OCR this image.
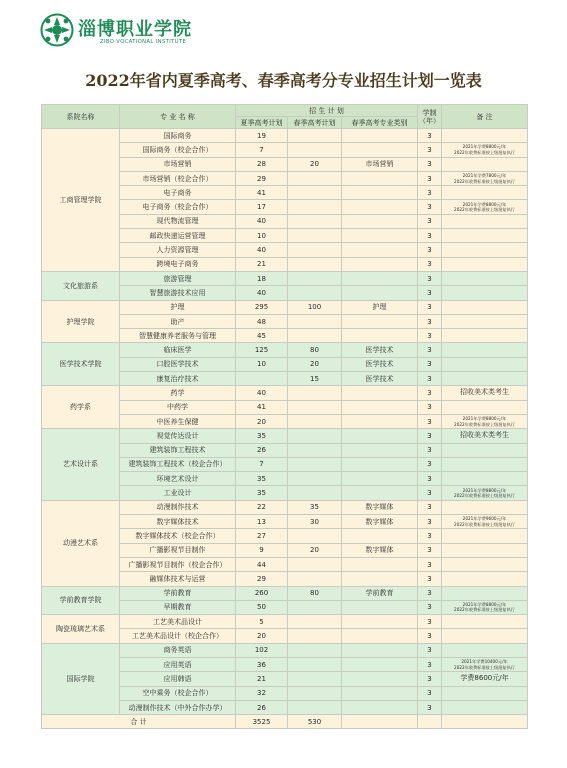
淄博职业学院
ZIBO VOCATIONAL INSTITUTE
2022年省内夏季高考、春季高考分专业招生计划一览表
系院名称	专 业 名 称	招 生 计 划			学制
（年）	备 注
		夏季高考计划	春季高考计划	春季高考专业类别		
工商管理学院	国际商务	19			3	
	国际商务（校企合作）	7			3	2021年学费8800元/年
2022年收费标准按上级批复执行
	市场营销	28	20	市场营销	3	
	市场营销（校企合作）	29			3	2021年学费7800元/年
2022年收费标准按上级批复执行
	电子商务	41			3	
	电子商务（校企合作）	17			3	2021年学费8800元/年
2022年收费标准按上级批复执行
	现代物流管理	40			3	
	邮政快递运营管理	10			3	
	人力资源管理	40			3	
	跨境电子商务	21			3	
文化旅游系	旅游管理	18			3	
	智慧旅游技术应用	40			3	
护理学院	护理	295	100	护理	3	
	助产	48			3	
	智慧健康养老服务与管理	45			3	
医学技术学院	临床医学	125	80	医学技术	3	
	口腔医学技术	10	20	医学技术	3	
	康复治疗技术		15	医学技术	3	
药学系	药学	40			3	招收美术类考生
	中药学	41			3	
	中医养生保健	20			3	2021年学费8800元/年
2022年收费标准按上级批复执行
艺术设计系	视觉传达设计	35			3	招收美术类考生
	建筑装饰工程技术	26			3	
	建筑装饰工程技术（校企合作）	7			3	
	环境艺术设计	35			3	
	工业设计	35			3	2021年学费8800元/年
2022年收费标准按上级批复执行
动漫艺术系	动漫制作技术	22	35	数字媒体	3	
	数字媒体技术	13	30	数字媒体	3	2021年学费9600元/年
2022年收费标准按上级批复执行
	数字媒体技术（校企合作）	27			3	
	广播影视节目制作	9	20	数字媒体	3	
	广播影视节目制作（校企合作）	44			3	
	融媒体技术与运营	29			3	
学前教育学院	学前教育	260	80	学前教育	3	
	早期教育	50			3	2021年学费8800元/年
2022年收费标准按上级批复执行
陶瓷琉璃艺术系	工艺美术品设计	5			3	
	工艺美术品设计（校企合作）	20			3	
国际学院	商务英语	102			3	
	应用英语	36			3	2021年学费10400元/年
2022年收费标准按上级批复执行
	应用韩语	21			3	学费8600元/年
	空中乘务（校企合作）	32			3	
	动漫制作技术（中外合作办学）	26			3	
合 计		3525	530			
